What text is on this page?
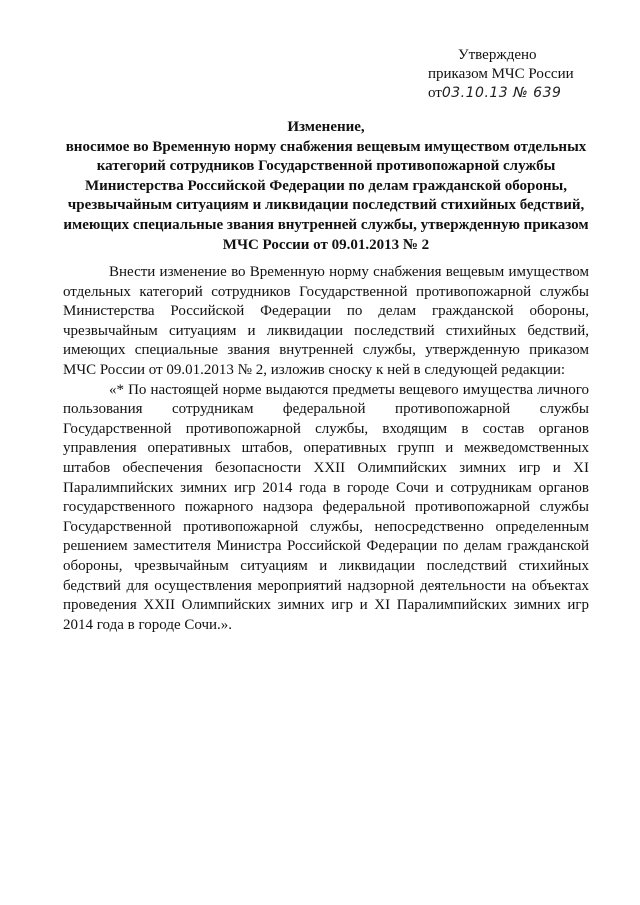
Утверждено
приказом МЧС России
от03.10.13 № 639
Изменение,
вносимое во Временную норму снабжения вещевым имуществом отдельных
категорий сотрудников Государственной противопожарной службы
Министерства Российской Федерации по делам гражданской обороны,
чрезвычайным ситуациям и ликвидации последствий стихийных бедствий,
имеющих специальные звания внутренней службы, утвержденную приказом
МЧС России от 09.01.2013 № 2

Внести изменение во Временную норму снабжения вещевым имуществом отдельных категорий сотрудников Государственной противопожарной службы Министерства Российской Федерации по делам гражданской обороны, чрезвычайным ситуациям и ликвидации последствий стихийных бедствий, имеющих специальные звания внутренней службы, утвержденную приказом МЧС России от 09.01.2013 № 2, изложив сноску к ней в следующей редакции:

«* По настоящей норме выдаются предметы вещевого имущества личного пользования сотрудникам федеральной противопожарной службы Государственной противопожарной службы, входящим в состав органов управления оперативных штабов, оперативных групп и межведомственных штабов обеспечения безопасности XXII Олимпийских зимних игр и XI Паралимпийских зимних игр 2014 года в городе Сочи и сотрудникам органов государственного пожарного надзора федеральной противопожарной службы Государственной противопожарной службы, непосредственно определенным решением заместителя Министра Российской Федерации по делам гражданской обороны, чрезвычайным ситуациям и ликвидации последствий стихийных бедствий для осуществления мероприятий надзорной деятельности на объектах проведения XXII Олимпийских зимних игр и XI Паралимпийских зимних игр 2014 года в городе Сочи.».
